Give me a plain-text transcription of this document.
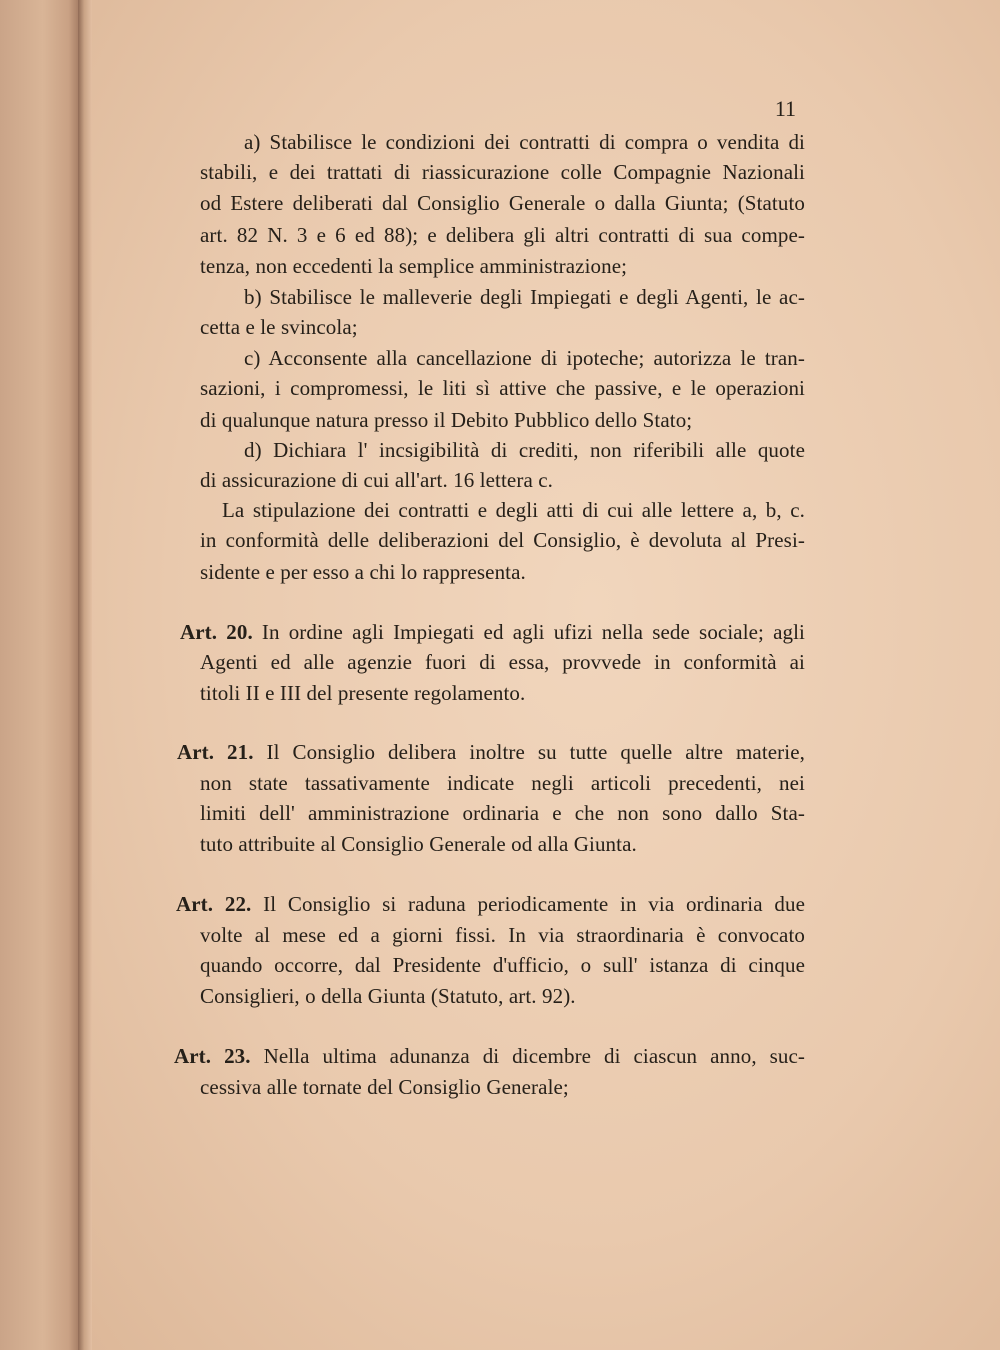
11
a) Stabilisce le condizioni dei contratti di compra o vendita di
stabili, e dei trattati di riassicurazione colle Compagnie Nazionali
od Estere deliberati dal Consiglio Generale o dalla Giunta; (Statuto
art. 82 N. 3 e 6 ed 88); e delibera gli altri contratti di sua compe-
tenza, non eccedenti la semplice amministrazione;
b) Stabilisce le malleverie degli Impiegati e degli Agenti, le ac-
cetta e le svincola;
c) Acconsente alla cancellazione di ipoteche; autorizza le tran-
sazioni, i compromessi, le liti sì attive che passive, e le operazioni
di qualunque natura presso il Debito Pubblico dello Stato;
d) Dichiara l' incsigibilità di crediti, non riferibili alle quote
di assicurazione di cui all'art. 16 lettera c.
La stipulazione dei contratti e degli atti di cui alle lettere a, b, c.
in conformità delle deliberazioni del Consiglio, è devoluta al Presi-
sidente e per esso a chi lo rappresenta.
Art. 20. In ordine agli Impiegati ed agli ufizi nella sede sociale; agli
Agenti ed alle agenzie fuori di essa, provvede in conformità ai
titoli II e III del presente regolamento.
Art. 21. Il Consiglio delibera inoltre su tutte quelle altre materie,
non state tassativamente indicate negli articoli precedenti, nei
limiti dell' amministrazione ordinaria e che non sono dallo Sta-
tuto attribuite al Consiglio Generale od alla Giunta.
Art. 22. Il Consiglio si raduna periodicamente in via ordinaria due
volte al mese ed a giorni fissi. In via straordinaria è convocato
quando occorre, dal Presidente d'ufficio, o sull' istanza di cinque
Consiglieri, o della Giunta (Statuto, art. 92).
Art. 23. Nella ultima adunanza di dicembre di ciascun anno, suc-
cessiva alle tornate del Consiglio Generale;
